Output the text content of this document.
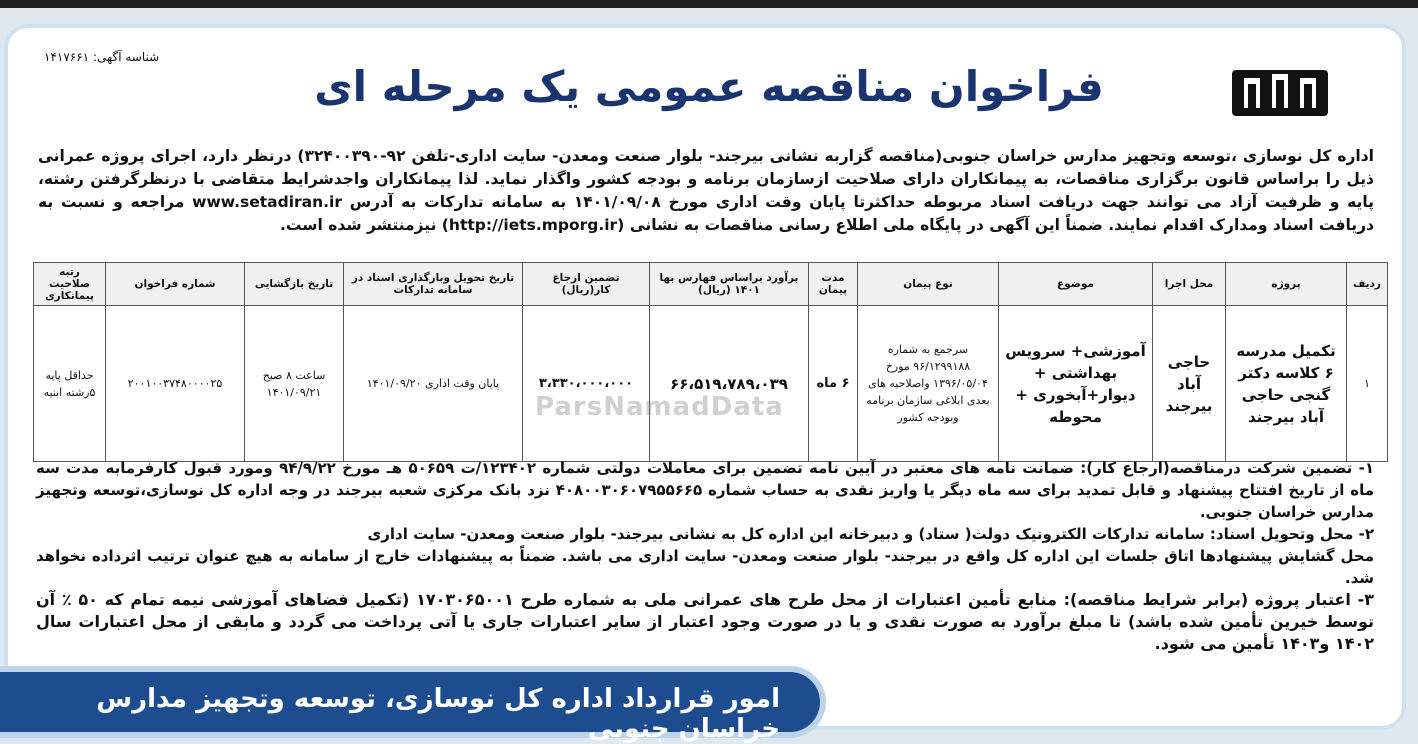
شناسه آگهی: ۱۴۱۷۶۶۱
فراخوان مناقصه عمومی یک مرحله ای
اداره کل نوسازی ،توسعه وتجهیز مدارس خراسان جنوبی(مناقصه گزاربه نشانی بیرجند- بلوار صنعت ومعدن- سایت اداری-تلفن ۹۲-۳۲۴۰۰۳۹۰) درنظر دارد، اجرای پروژه عمرانی ذیل را براساس قانون برگزاری مناقصات، به پیمانکاران دارای صلاحیت ازسازمان برنامه و بودجه کشور واگذار نماید. لذا پیمانکاران واجدشرایط متقاضی با درنظرگرفتن رشته، پایه و ظرفیت آزاد می توانند جهت دریافت اسناد مربوطه حداکثرتا پایان وقت اداری مورخ ۱۴۰۱/۰۹/۰۸ به سامانه تدارکات به آدرس www.setadiran.ir مراجعه و نسبت به دریافت اسناد ومدارک اقدام نمایند. ضمناً این آگهی در پایگاه ملی اطلاع رسانی مناقصات به نشانی (http://iets.mporg.ir) نیزمنتشر شده است.
ردیف	پروژه	محل اجرا	موضوع	نوع پیمان	مدت پیمان	برآورد براساس فهارس بها ۱۴۰۱ (ریال)	تضمین ارجاع کار(ریال)	تاریخ تحویل وبارگذاری اسناد در سامانه تدارکات	تاریخ بازگشایی	شماره فراخوان	رتبه صلاحیت پیمانکاری
۱	تکمیل مدرسه ۶ کلاسه دکتر گنجی حاجی آباد بیرجند	حاجی آباد بیرجند	آموزشی+ سرویس بهداشتی + دیوار+آبخوری + محوطه	سرجمع به شماره ۹۶/۱۲۹۹۱۸۸ مورخ ۱۳۹۶/۰۵/۰۴ واصلاحیه های بعدی ابلاغی سازمان برنامه وبودجه کشور	۶ ماه	۶۶،۵۱۹،۷۸۹،۰۳۹	۳،۳۳۰،۰۰۰،۰۰۰	پایان وقت اداری ۱۴۰۱/۰۹/۲۰	ساعت ۸ صبح ۱۴۰۱/۰۹/۲۱	۲۰۰۱۰۰۳۷۴۸۰۰۰۰۲۵	حداقل پایه ۵رشته ابنیه	ParsNamadData

۱- تضمین شرکت درمناقصه(ارجاع کار): ضمانت نامه های معتبر در آیین نامه تضمین برای معاملات دولتی شماره ۱۲۳۴۰۲/ت ۵۰۶۵۹ هـ مورخ ۹۴/۹/۲۲ ومورد قبول کارفرمابه مدت سه ماه از تاریخ افتتاح پیشنهاد و قابل تمدید برای سه ماه دیگر یا واریز نقدی به حساب شماره ۴۰۸۰۰۳۰۶۰۷۹۵۵۶۶۵ نزد بانک مرکزی شعبه بیرجند در وجه اداره کل نوسازی،توسعه وتجهیز مدارس خراسان جنوبی.

۲- محل وتحویل اسناد: سامانه تدارکات الکترونیک دولت( ستاد) و دبیرخانه این اداره کل به نشانی بیرجند- بلوار صنعت ومعدن- سایت اداری

محل گشایش پیشنهادها اتاق جلسات این اداره کل واقع در بیرجند- بلوار صنعت ومعدن- سایت اداری می باشد. ضمناً به پیشنهادات خارج از سامانه به هیچ عنوان ترتیب اثرداده نخواهد شد.

۳- اعتبار پروژه (برابر شرایط مناقصه): منابع تأمین اعتبارات از محل طرح های عمرانی ملی به شماره طرح ۱۷۰۳۰۶۵۰۰۱ (تکمیل فضاهای آموزشی نیمه تمام که ۵۰ ٪ آن توسط خیرین تأمین شده باشد) تا مبلغ برآورد به صورت نقدی و یا در صورت وجود اعتبار از سایر اعتبارات جاری یا آتی پرداخت می گردد و مابقی از محل اعتبارات سال ۱۴۰۲ و۱۴۰۳ تأمین می شود.

امور قرارداد اداره کل نوسازی، توسعه وتجهیز مدارس خراسان جنوبی
